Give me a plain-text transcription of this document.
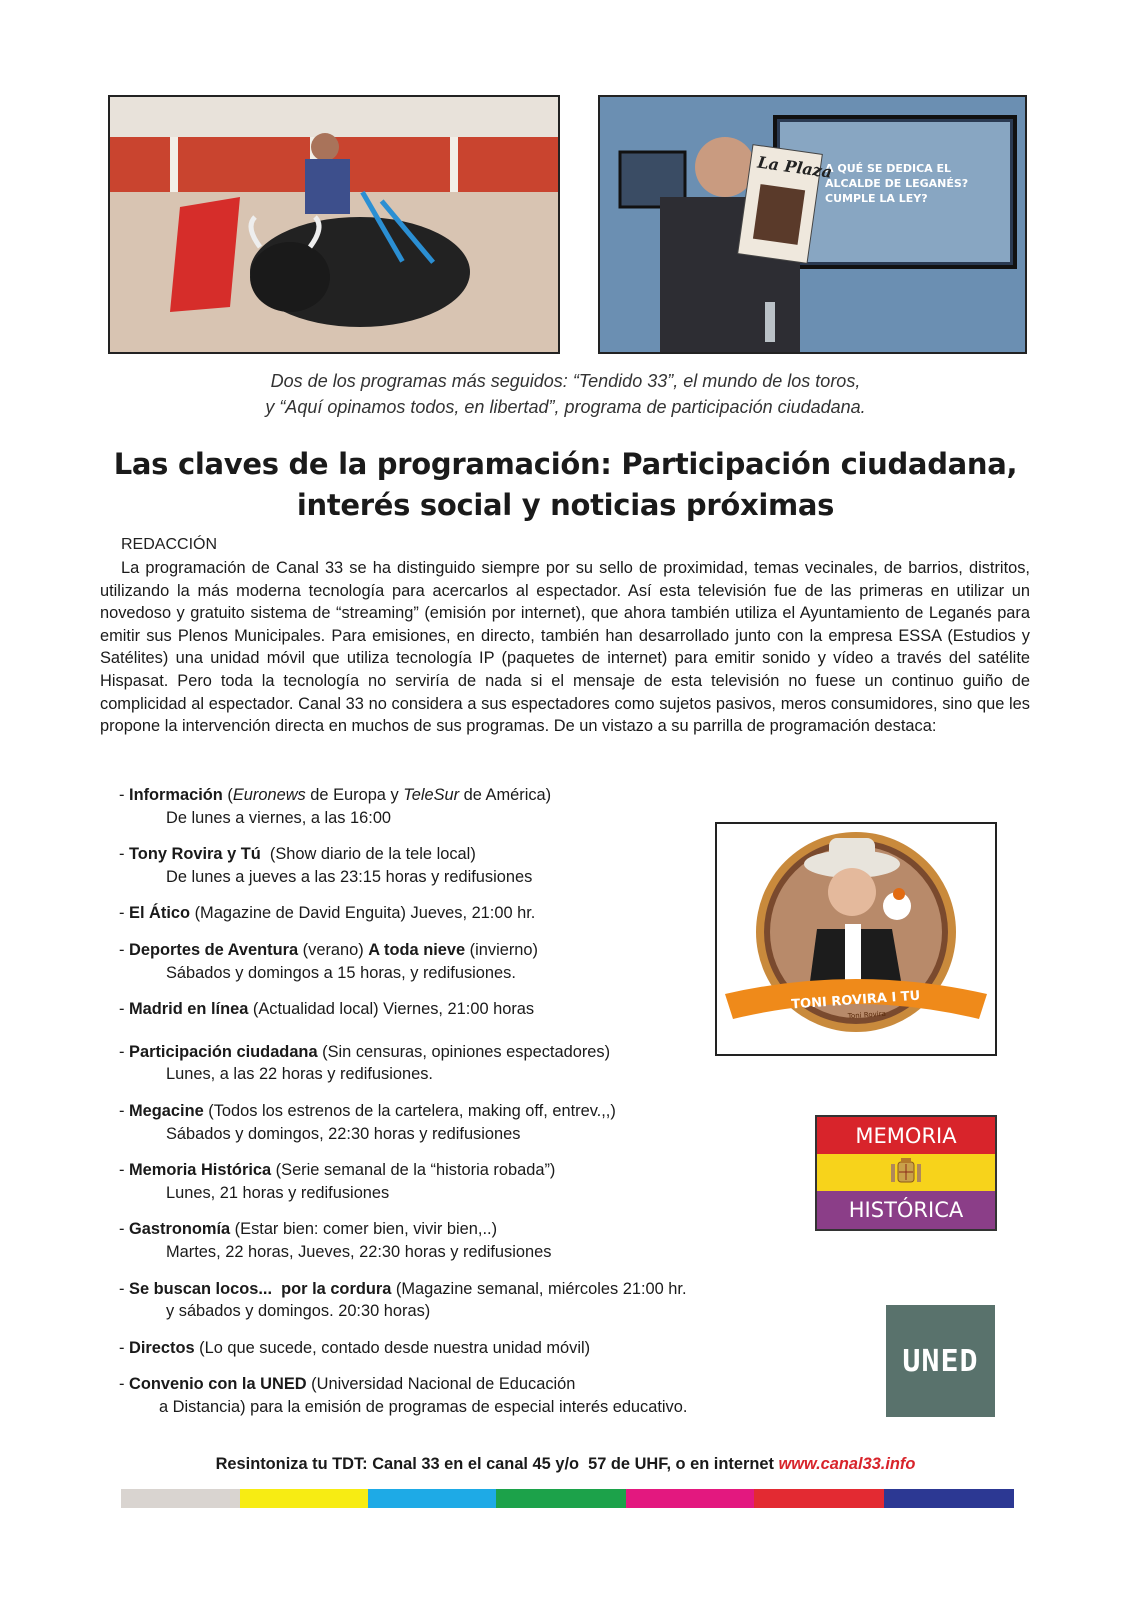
A QUÉ SE DEDICA EL
ALCALDE DE LEGANÉS?
CUMPLE LA LEY?
La Plaza
Dos de los programas más seguidos: “Tendido 33”, el mundo de los toros,
y “Aquí opinamos todos, en libertad”, programa de participación ciudadana.
Las claves de la programación: Participación ciudadana,
interés social y noticias próximas
REDACCIÓN

La programación de Canal 33 se ha distinguido siempre por su sello de proximidad, temas vecinales, de barrios, distritos, utilizando la más moderna tecnología para acercarlos al espectador. Así esta televisión fue de las primeras en utilizar un novedoso y gratuito sistema de “streaming” (emisión por internet), que ahora también utiliza el Ayuntamiento de Leganés para emitir sus Plenos Municipales. Para emisiones, en directo, también han desarrollado junto con la empresa ESSA (Estudios y Satélites) una unidad móvil que utiliza tecnología IP (paquetes de internet) para emitir sonido y vídeo a través del satélite Hispasat. Pero toda la tecnología no serviría de nada si el mensaje de esta televisión no fuese un continuo guiño de complicidad al espectador. Canal 33 no considera a sus espectadores como sujetos pasivos, meros consumidores, sino que les propone la intervención directa en muchos de sus programas. De un vistazo a su parrilla de programación destaca:

- Información (Euronews de Europa y TeleSur de América)
De lunes a viernes, a las 16:00
- Tony Rovira y Tú  (Show diario de la tele local)
De lunes a jueves a las 23:15 horas y redifusiones
- El Ático (Magazine de David Enguita) Jueves, 21:00 hr.
- Deportes de Aventura (verano) A toda nieve (invierno)
Sábados y domingos a 15 horas, y redifusiones.
- Madrid en línea (Actualidad local) Viernes, 21:00 horas
- Participación ciudadana (Sin censuras, opiniones espectadores)
Lunes, a las 22 horas y redifusiones.
- Megacine (Todos los estrenos de la cartelera, making off, entrev.,,)
Sábados y domingos, 22:30 horas y redifusiones
- Memoria Histórica (Serie semanal de la “historia robada”)
Lunes, 21 horas y redifusiones
- Gastronomía (Estar bien: comer bien, vivir bien,..)
Martes, 22 horas, Jueves, 22:30 horas y redifusiones
- Se buscan locos...  por la cordura (Magazine semanal, miércoles 21:00 hr.
y sábados y domingos. 20:30 horas)
- Directos (Lo que sucede, contado desde nuestra unidad móvil)
- Convenio con la UNED (Universidad Nacional de Educación
a Distancia) para la emisión de programas de especial interés educativo.
TONI ROVIRA I TU
Toni Rovira
MEMORIA
HISTÓRICA
UNED
Resintoniza tu TDT: Canal 33 en el canal 45 y/o  57 de UHF, o en internet www.canal33.info
